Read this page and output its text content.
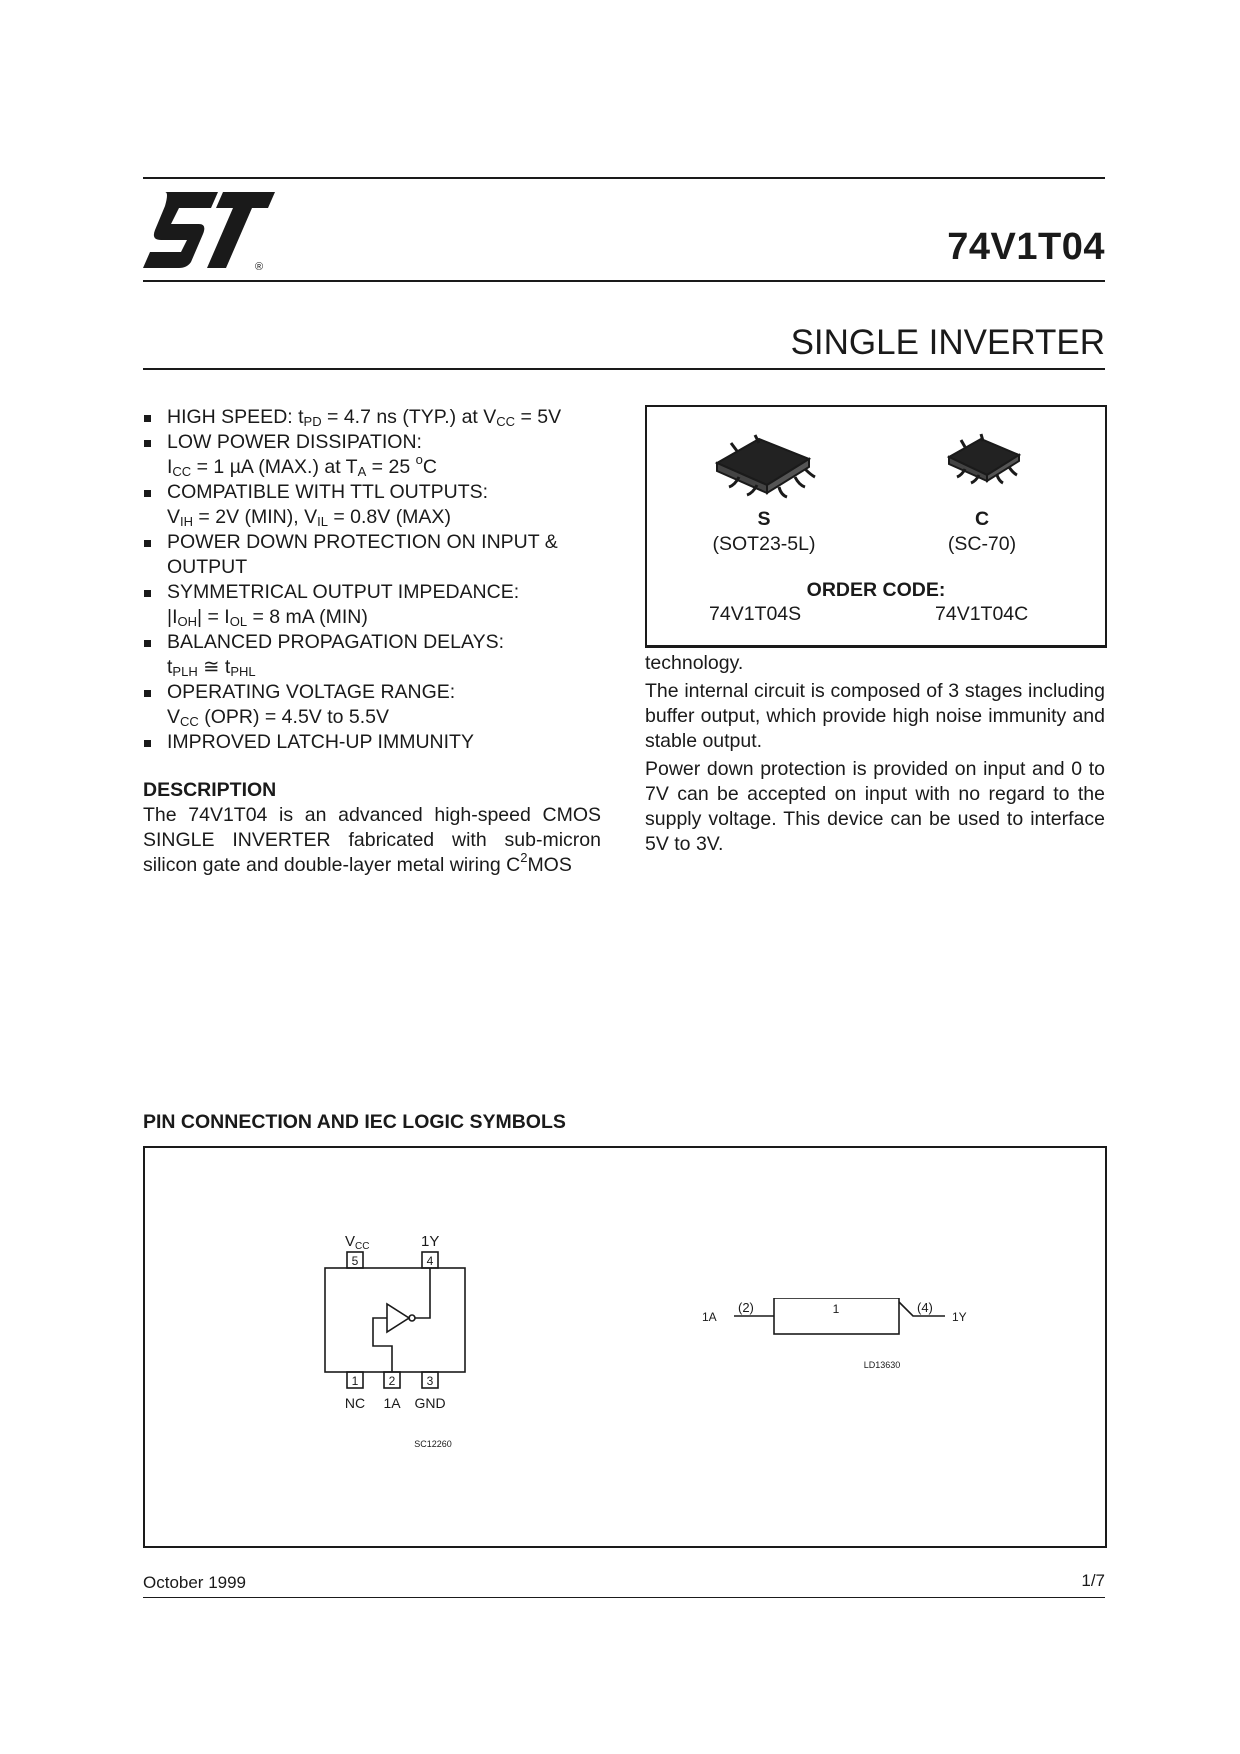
®	74V1T04
SINGLE INVERTER
HIGH SPEED: $t_{PD} = 4.7$ ns (TYP.) at $V_{CC} = 5V$
LOW POWER DISSIPATION:
$I_{CC} = 1$ µA (MAX.) at $T_A = 25$ $^o$C
COMPATIBLE WITH TTL OUTPUTS:
$V_{IH} = 2V$ (MIN), $V_{IL} = 0.8V$ (MAX)
POWER DOWN PROTECTION ON INPUT &
OUTPUT
SYMMETRICAL OUTPUT IMPEDANCE:
$|I_{OH}| = I_{OL} = 8$ mA (MIN)
BALANCED PROPAGATION DELAYS:
$t_{PLH}$ ≅ $t_{PHL}$
OPERATING VOLTAGE RANGE:
$V_{CC}$ (OPR) = 4.5V to 5.5V
IMPROVED LATCH-UP IMMUNITY
DESCRIPTION
The 74V1T04 is an advanced high-speed CMOS SINGLE INVERTER fabricated with sub-micron silicon gate and double-layer metal wiring $C^2MOS$
S
(SOT23-5L)
C
(SC-70)
ORDER CODE:
74V1T04S	74V1T04C

technology.

The internal circuit is composed of 3 stages including buffer output, which provide high noise immunity and stable output.

Power down protection is provided on input and 0 to 7V can be accepted on input with no regard to the supply voltage. This device can be used to interface 5V to 3V.

PIN CONNECTION AND IEC LOGIC SYMBOLS
$V_{CC}$	1Y
5	4
1	2	3
NC 1A GND
SC12260
1A
(2)	1	(4)
1Y
LD13630
October 1999	1/7
